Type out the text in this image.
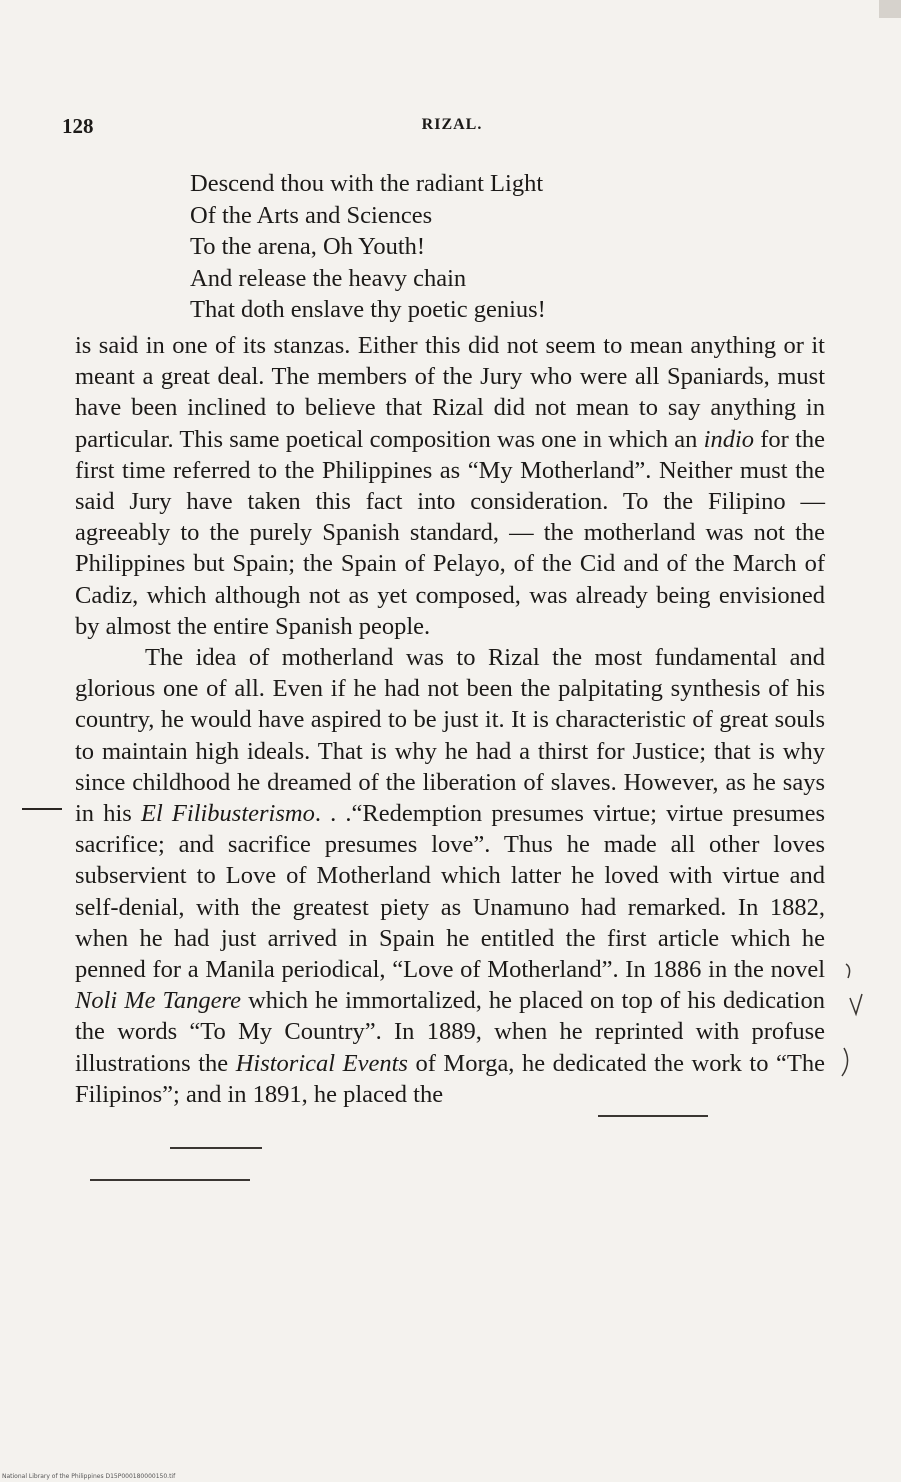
128	RIZAL.
Descend thou with the radiant Light
Of the Arts and Sciences
To the arena, Oh Youth!
And release the heavy chain
That doth enslave thy poetic genius!

is said in one of its stanzas. Either this did not seem to mean anything or it meant a great deal. The members of the Jury who were all Spaniards, must have been inclined to believe that Rizal did not mean to say anything in particular. This same poetical composition was one in which an indio for the first time referred to the Philippines as “My Motherland”. Neither must the said Jury have taken this fact into consideration. To the Filipino — agreeably to the purely Spanish standard, — the motherland was not the Philippines but Spain; the Spain of Pelayo, of the Cid and of the March of Cadiz, which although not as yet composed, was already being envisioned by almost the entire Spanish people.

The idea of motherland was to Rizal the most fundamental and glorious one of all. Even if he had not been the palpitating synthesis of his country, he would have aspired to be just it. It is characteristic of great souls to maintain high ideals. That is why he had a thirst for Justice; that is why since childhood he dreamed of the liberation of slaves. However, as he says in his El Filibusterismo. . .“Redemption presumes virtue; virtue presumes sacrifice; and sacrifice presumes love”. Thus he made all other loves subservient to Love of Motherland which latter he loved with virtue and self-denial, with the greatest piety as Unamuno had remarked. In 1882, when he had just arrived in Spain he entitled the first article which he penned for a Manila periodical, “Love of Motherland”. In 1886 in the novel Noli Me Tangere which he immortalized, he placed on top of his dedication the words “To My Country”. In 1889, when he reprinted with profuse illustrations the Historical Events of Morga, he dedicated the work to “The Filipinos”; and in 1891, he placed the

National Library of the Philippines D15P000180000150.tif
